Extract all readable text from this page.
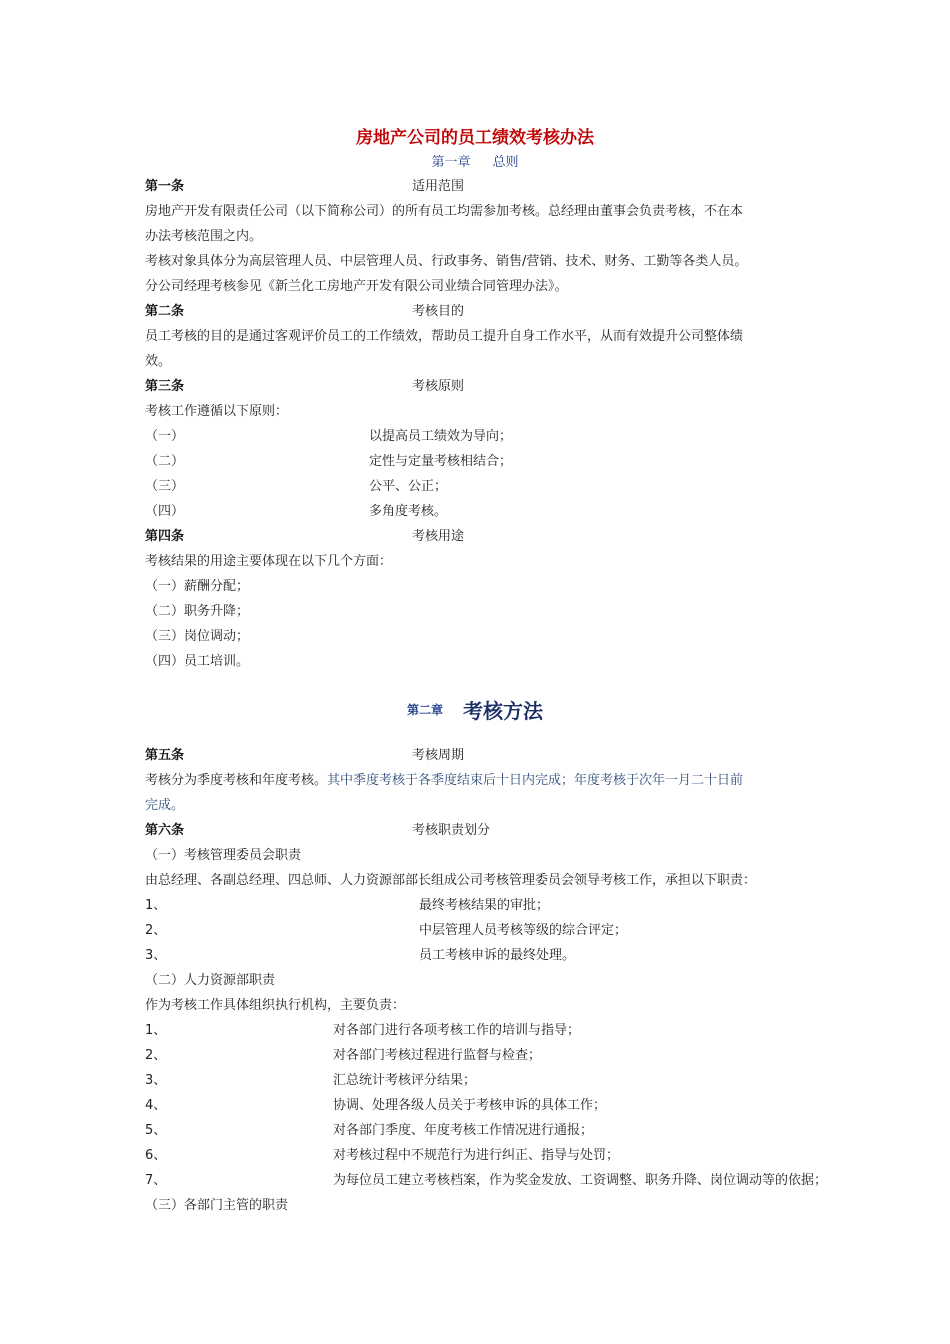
房地产公司的员工绩效考核办法
第一章 总则
第一条	适用范围
房地产开发有限责任公司（以下简称公司）的所有员工均需参加考核。总经理由董事会负责考核，不在本
办法考核范围之内。
考核对象具体分为高层管理人员、中层管理人员、行政事务、销售/营销、技术、财务、工勤等各类人员。
分公司经理考核参见《新兰化工房地产开发有限公司业绩合同管理办法》。
第二条	考核目的
员工考核的目的是通过客观评价员工的工作绩效，帮助员工提升自身工作水平，从而有效提升公司整体绩
效。
第三条	考核原则
考核工作遵循以下原则：
（一）	以提高员工绩效为导向；
（二）	定性与定量考核相结合；
（三）	公平、公正；
（四）	多角度考核。
第四条	考核用途
考核结果的用途主要体现在以下几个方面：
（一）薪酬分配；
（二）职务升降；
（三）岗位调动；
（四）员工培训。
第二章 考核方法
第五条	考核周期
考核分为季度考核和年度考核。其中季度考核于各季度结束后十日内完成；年度考核于次年一月二十日前
完成。
第六条	考核职责划分
（一）考核管理委员会职责
由总经理、各副总经理、四总师、人力资源部部长组成公司考核管理委员会领导考核工作，承担以下职责：
1、	最终考核结果的审批；
2、	中层管理人员考核等级的综合评定；
3、	员工考核申诉的最终处理。
（二）人力资源部职责
作为考核工作具体组织执行机构，主要负责：
1、	对各部门进行各项考核工作的培训与指导；
2、	对各部门考核过程进行监督与检查；
3、	汇总统计考核评分结果；
4、	协调、处理各级人员关于考核申诉的具体工作；
5、	对各部门季度、年度考核工作情况进行通报；
6、	对考核过程中不规范行为进行纠正、指导与处罚；
7、	为每位员工建立考核档案，作为奖金发放、工资调整、职务升降、岗位调动等的依据；
（三）各部门主管的职责
